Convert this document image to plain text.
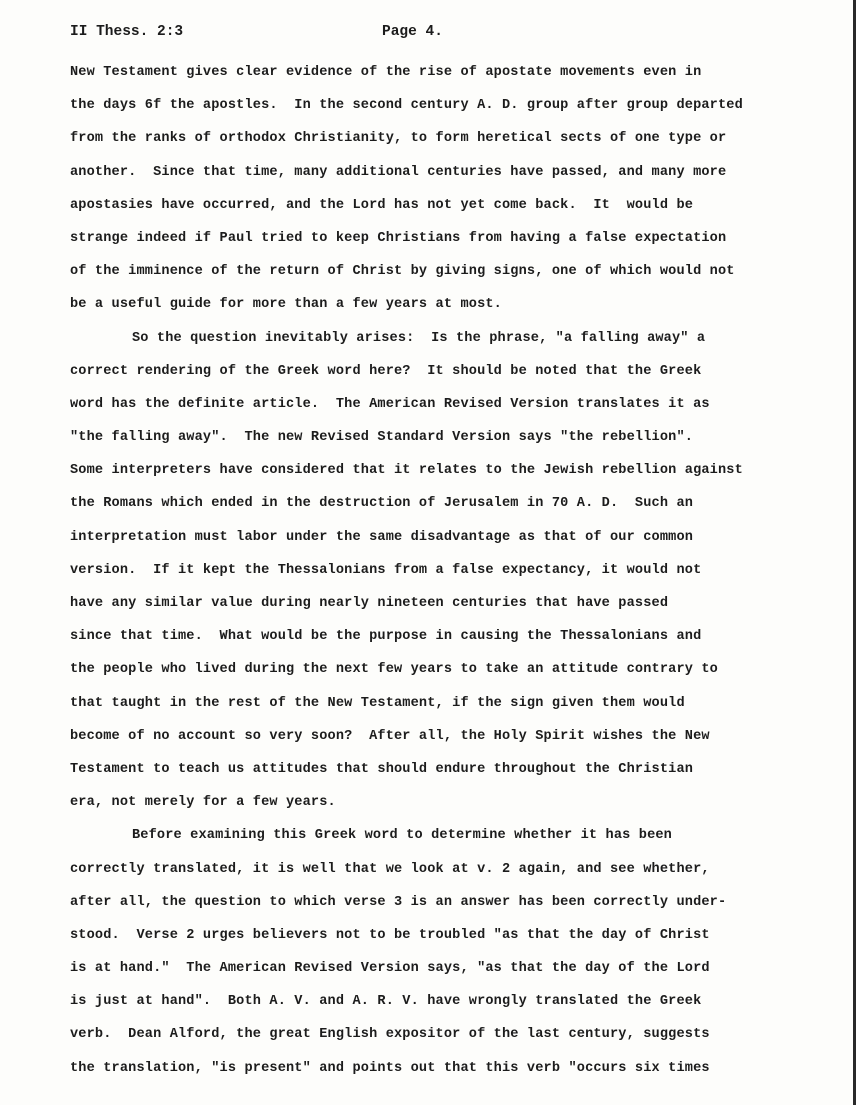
II Thess. 2:3	Page 4.
New Testament gives clear evidence of the rise of apostate movements even in
the days 6f the apostles.  In the second century A. D. group after group departed
from the ranks of orthodox Christianity, to form heretical sects of one type or
another.  Since that time, many additional centuries have passed, and many more
apostasies have occurred, and the Lord has not yet come back.  It  would be
strange indeed if Paul tried to keep Christians from having a false expectation
of the imminence of the return of Christ by giving signs, one of which would not
be a useful guide for more than a few years at most.
So the question inevitably arises:  Is the phrase, "a falling away" a
correct rendering of the Greek word here?  It should be noted that the Greek
word has the definite article.  The American Revised Version translates it as
"the falling away".  The new Revised Standard Version says "the rebellion".
Some interpreters have considered that it relates to the Jewish rebellion against
the Romans which ended in the destruction of Jerusalem in 70 A. D.  Such an
interpretation must labor under the same disadvantage as that of our common
version.  If it kept the Thessalonians from a false expectancy, it would not
have any similar value during nearly nineteen centuries that have passed
since that time.  What would be the purpose in causing the Thessalonians and
the people who lived during the next few years to take an attitude contrary to
that taught in the rest of the New Testament, if the sign given them would
become of no account so very soon?  After all, the Holy Spirit wishes the New
Testament to teach us attitudes that should endure throughout the Christian
era, not merely for a few years.
Before examining this Greek word to determine whether it has been
correctly translated, it is well that we look at v. 2 again, and see whether,
after all, the question to which verse 3 is an answer has been correctly under-
stood.  Verse 2 urges believers not to be troubled "as that the day of Christ
is at hand."  The American Revised Version says, "as that the day of the Lord
is just at hand".  Both A. V. and A. R. V. have wrongly translated the Greek
verb.  Dean Alford, the great English expositor of the last century, suggests
the translation, "is present" and points out that this verb "occurs six times
